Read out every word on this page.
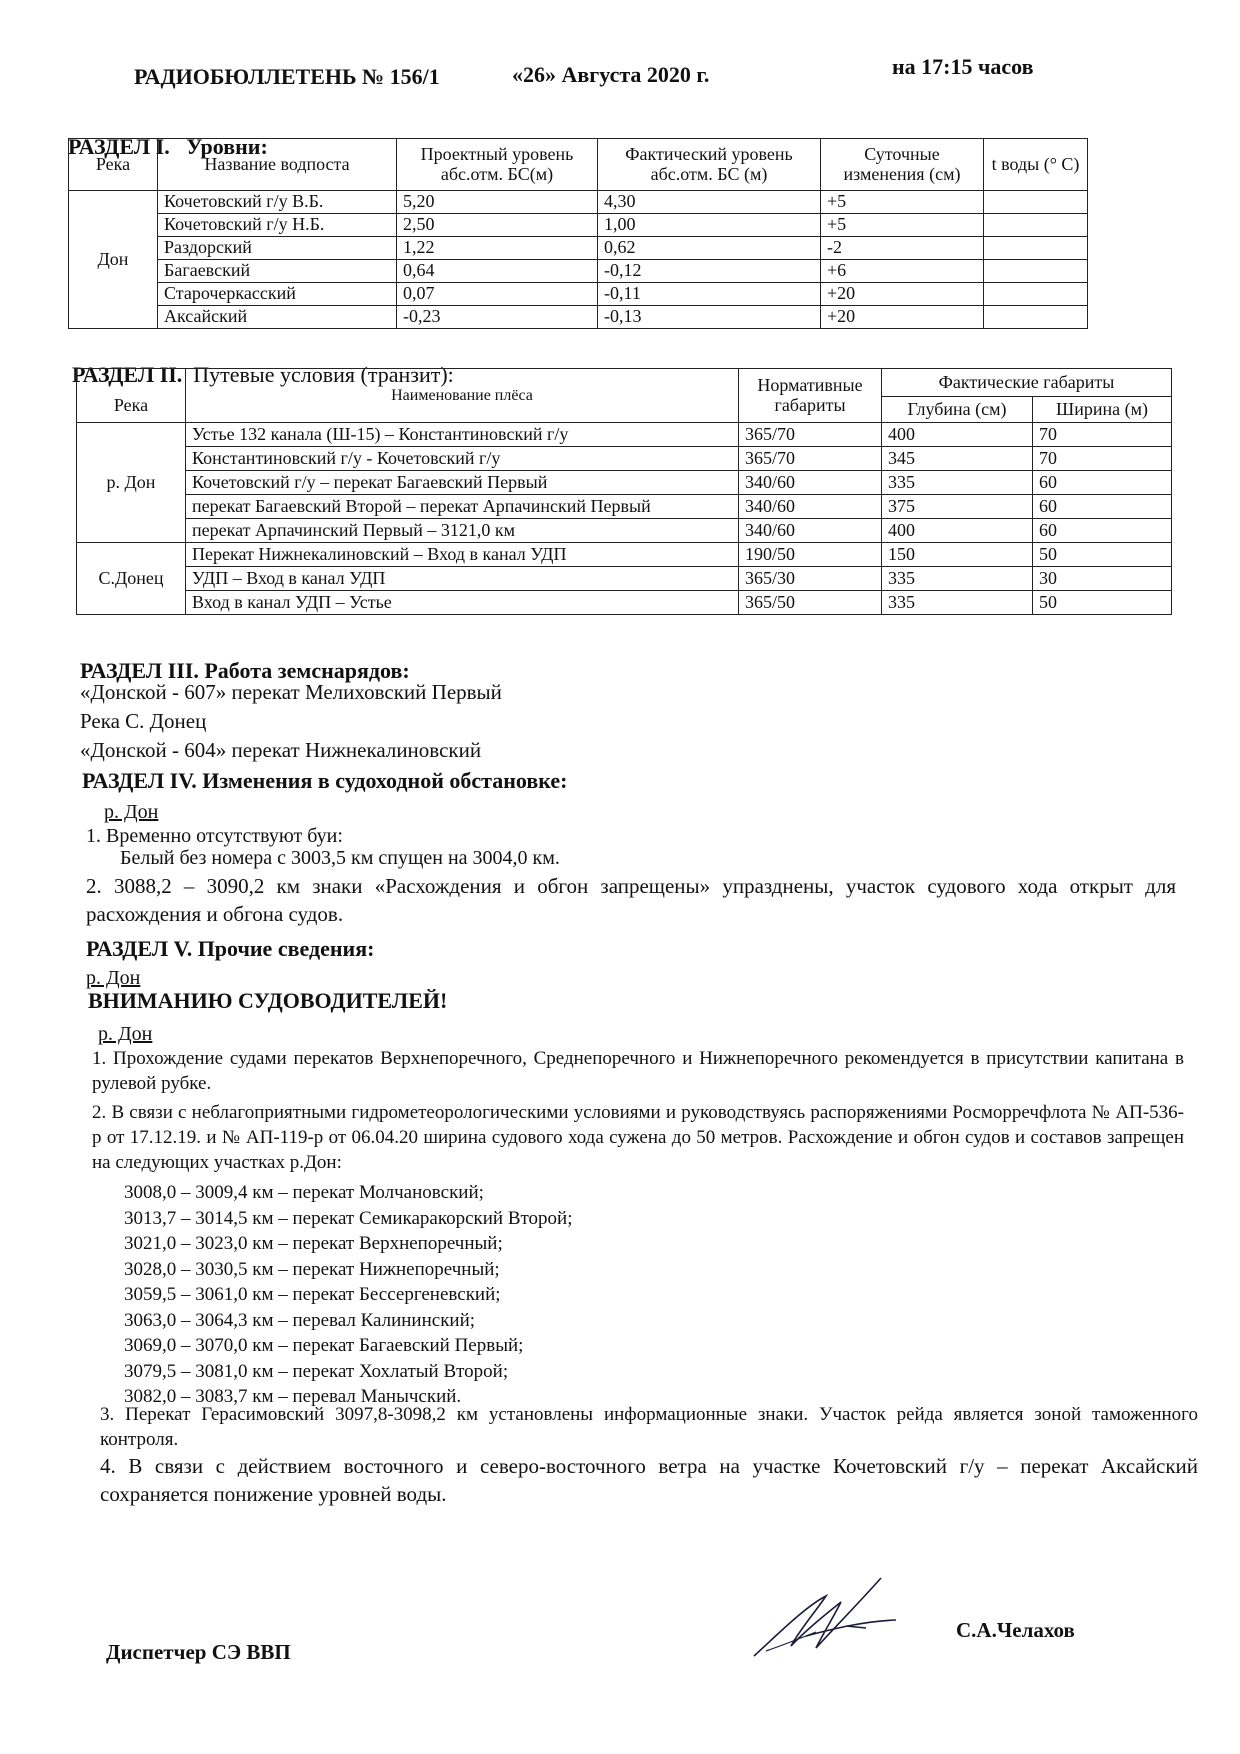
РАДИОБЮЛЛЕТЕНЬ № 156/1	«26» Августа 2020 г.	на 17:15 часов
РАЗДЕЛ I. Уровни:
Река	Название водпоста	Проектный уровень абс.отм. БС(м)	Фактический уровень абс.отм. БС (м)	Суточные изменения (см)	t воды (° С)
Дон	Кочетовский г/у В.Б.	5,20	4,30	+5	
	Кочетовский г/у Н.Б.	2,50	1,00	+5	
	Раздорский	1,22	0,62	-2	
	Багаевский	0,64	-0,12	+6	
	Старочеркасский	0,07	-0,11	+20	
	Аксайский	-0,23	-0,13	+20	
РАЗДЕЛ II. Путевые условия (транзит):
Река	Наименование плёса	Нормативные габариты	Фактические габариты	
			Глубина (см)	Ширина (м)
р. Дон	Устье 132 канала (Ш-15) – Константиновский г/у	365/70	400	70
	Константиновский г/у - Кочетовский г/у	365/70	345	70
	Кочетовский г/у – перекат Багаевский Первый	340/60	335	60
	перекат Багаевский Второй – перекат Арпачинский Первый	340/60	375	60
	перекат Арпачинский Первый – 3121,0 км	340/60	400	60
С.Донец	Перекат Нижнекалиновский – Вход в канал УДП	190/50	150	50
	УДП – Вход в канал УДП	365/30	335	30
	Вход в канал УДП – Устье	365/50	335	50
РАЗДЕЛ III. Работа земснарядов:
«Донской - 607» перекат Мелиховский Первый
Река С. Донец
«Донской - 604» перекат Нижнекалиновский
РАЗДЕЛ IV. Изменения в судоходной обстановке:
р. Дон
1. Временно отсутствуют буи:
Белый без номера с 3003,5 км спущен на 3004,0 км.
2. 3088,2 – 3090,2 км знаки «Расхождения и обгон запрещены» упразднены, участок судового хода открыт для расхождения и обгона судов.
РАЗДЕЛ V. Прочие сведения:
р. Дон
ВНИМАНИЮ СУДОВОДИТЕЛЕЙ!
р. Дон
1. Прохождение судами перекатов Верхнепоречного, Среднепоречного и Нижнепоречного рекомендуется в присутствии капитана в рулевой рубке.
2. В связи с неблагоприятными гидрометеорологическими условиями и руководствуясь распоряжениями Росморречфлота № АП-536-р от 17.12.19. и № АП-119-р от 06.04.20 ширина судового хода сужена до 50 метров. Расхождение и обгон судов и составов запрещен на следующих участках р.Дон:
3008,0 – 3009,4 км – перекат Молчановский;
3013,7 – 3014,5 км – перекат Семикаракорский Второй;
3021,0 – 3023,0 км – перекат Верхнепоречный;
3028,0 – 3030,5 км – перекат Нижнепоречный;
3059,5 – 3061,0 км – перекат Бессергеневский;
3063,0 – 3064,3 км – перевал Калининский;
3069,0 – 3070,0 км – перекат Багаевский Первый;
3079,5 – 3081,0 км – перекат Хохлатый Второй;
3082,0 – 3083,7 км – перевал Манычский.
3. Перекат Герасимовский 3097,8-3098,2 км установлены информационные знаки. Участок рейда является зоной таможенного контроля.
4. В связи с действием восточного и северо-восточного ветра на участке Кочетовский г/у – перекат Аксайский сохраняется понижение уровней воды.
Диспетчер СЭ ВВП
С.А.Челахов
